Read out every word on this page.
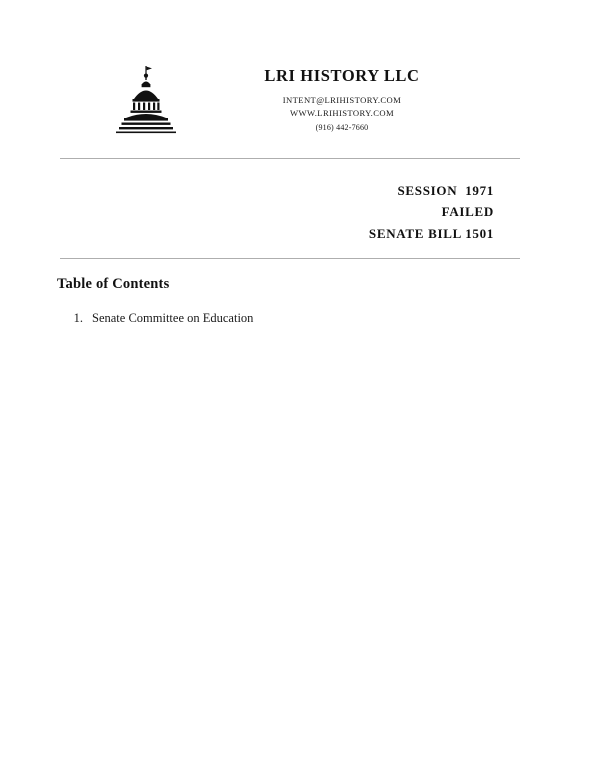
LRI HISTORY LLC
INTENT@LRIHISTORY.COM
WWW.LRIHISTORY.COM
(916) 442-7660
SESSION  1971
FAILED
SENATE BILL 1501
Table of Contents
1. Senate Committee on Education
